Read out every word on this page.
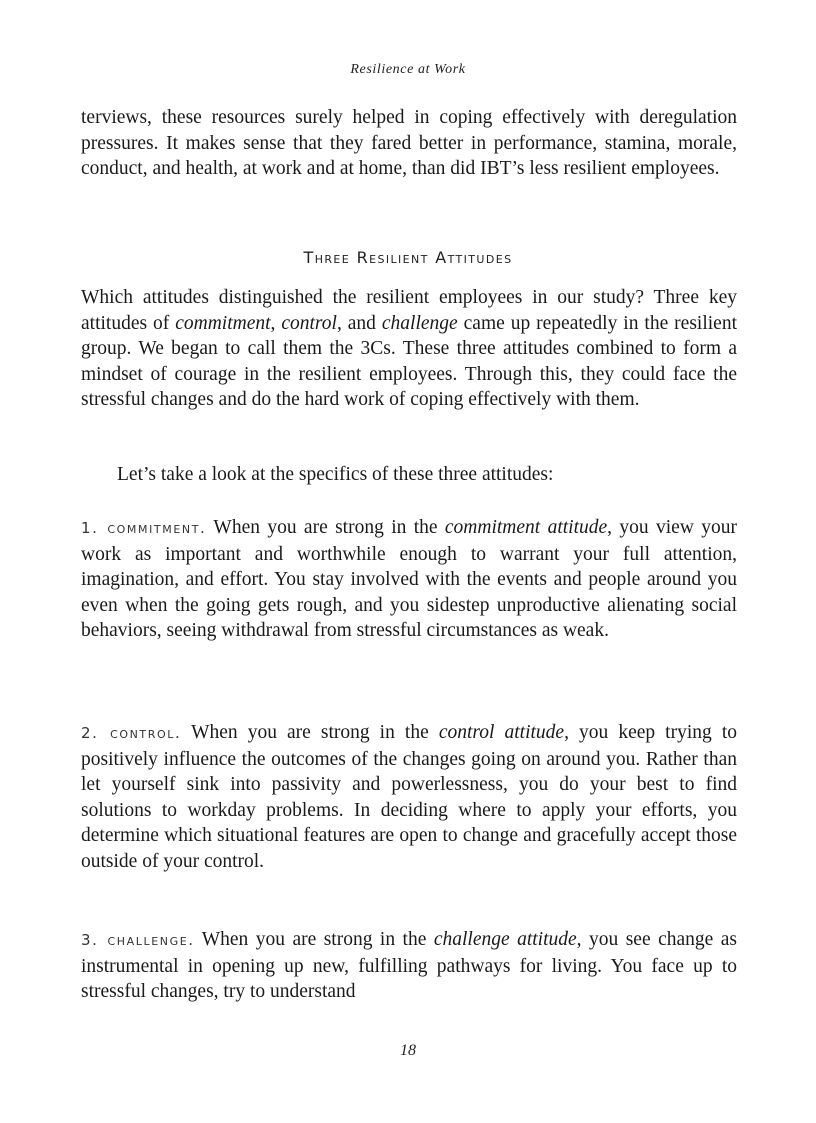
Resilience at Work

terviews, these resources surely helped in coping effectively with deregulation pressures. It makes sense that they fared better in performance, stamina, morale, conduct, and health, at work and at home, than did IBT’s less resilient employees.

Three Resilient Attitudes

Which attitudes distinguished the resilient employees in our study? Three key attitudes of commitment, control, and challenge came up repeatedly in the resilient group. We began to call them the 3Cs. These three attitudes combined to form a mindset of courage in the resilient employees. Through this, they could face the stressful changes and do the hard work of coping effectively with them.

Let’s take a look at the specifics of these three attitudes:

1. commitment. When you are strong in the commitment attitude, you view your work as important and worthwhile enough to warrant your full attention, imagination, and effort. You stay involved with the events and people around you even when the going gets rough, and you sidestep unproductive alienating social behaviors, seeing withdrawal from stressful circumstances as weak.

2. control. When you are strong in the control attitude, you keep trying to positively influence the outcomes of the changes going on around you. Rather than let yourself sink into passivity and powerlessness, you do your best to find solutions to workday problems. In deciding where to apply your efforts, you determine which situational features are open to change and gracefully accept those outside of your control.

3. challenge. When you are strong in the challenge attitude, you see change as instrumental in opening up new, fulfilling pathways for living. You face up to stressful changes, try to understand

18
